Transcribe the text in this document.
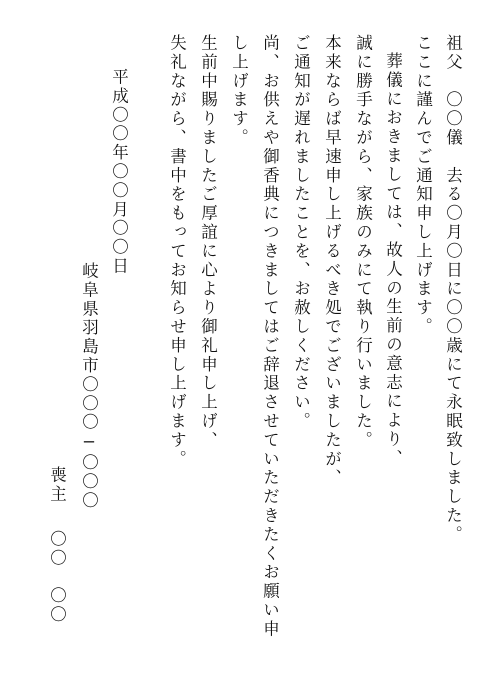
祖父　〇〇儀　去る〇月〇日に〇〇歳にて永眠致しました。
ここに謹んでご通知申し上げます。
葬儀におきましては、故人の生前の意志により、
誠に勝手ながら、家族のみにて執り行いました。
本来ならば早速申し上げるべき処でございましたが、
ご通知が遅れましたことを、お赦しください。
尚、お供えや御香典につきましてはご辞退させていただきたくお願い申
し上げます。
生前中賜りましたご厚誼に心より御礼申し上げ、
失礼ながら、書中をもってお知らせ申し上げます。
平成〇〇年〇〇月〇〇日
岐阜県羽島市〇〇〇−〇〇〇
喪主
〇〇　〇〇
